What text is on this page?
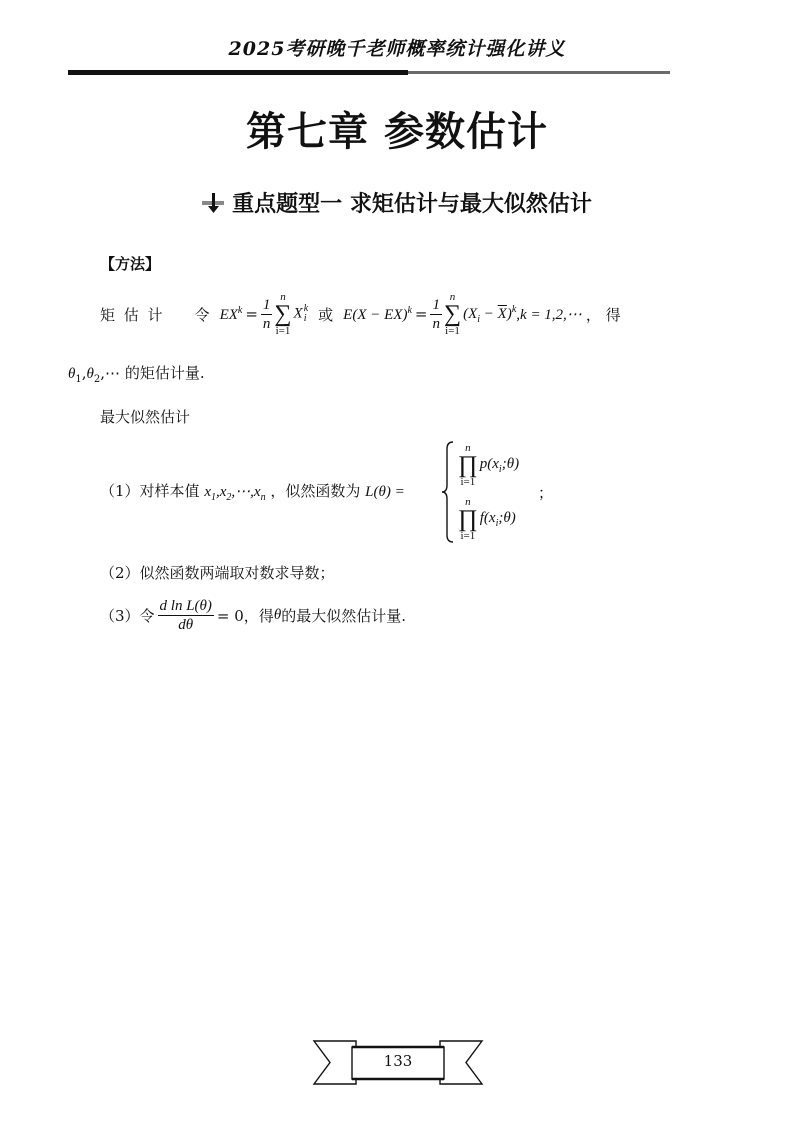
2025考研晚千老师概率统计强化讲义
第七章 参数估计
重点题型一 求矩估计与最大似然估计
【方法】
矩 估 计 令 $EX^k = \frac{1}{n}$ n
∑
i=1
X k
i 或 $E(X - EX)^k = \frac{1}{n}$ n
∑
i=1
$(X_i - \overline{X})^k$ ,k = 1,2,⋯ ， 得
$\theta_1,\theta_2,\cdots$ 的矩估计量.
最大似然估计
（1）对样本值 $x_1,x_2,\cdots,x_n$ ，似然函数为 L(θ) =
n
∏
i=1
$p(x_i;\theta)$
n
∏
i=1
$f(x_i;\theta)$
；
（2）似然函数两端取对数求导数；
（3）令 $\frac{\text{d ln L(θ)}}{d\theta} = 0$，得 θ 的最大似然估计量.
133
